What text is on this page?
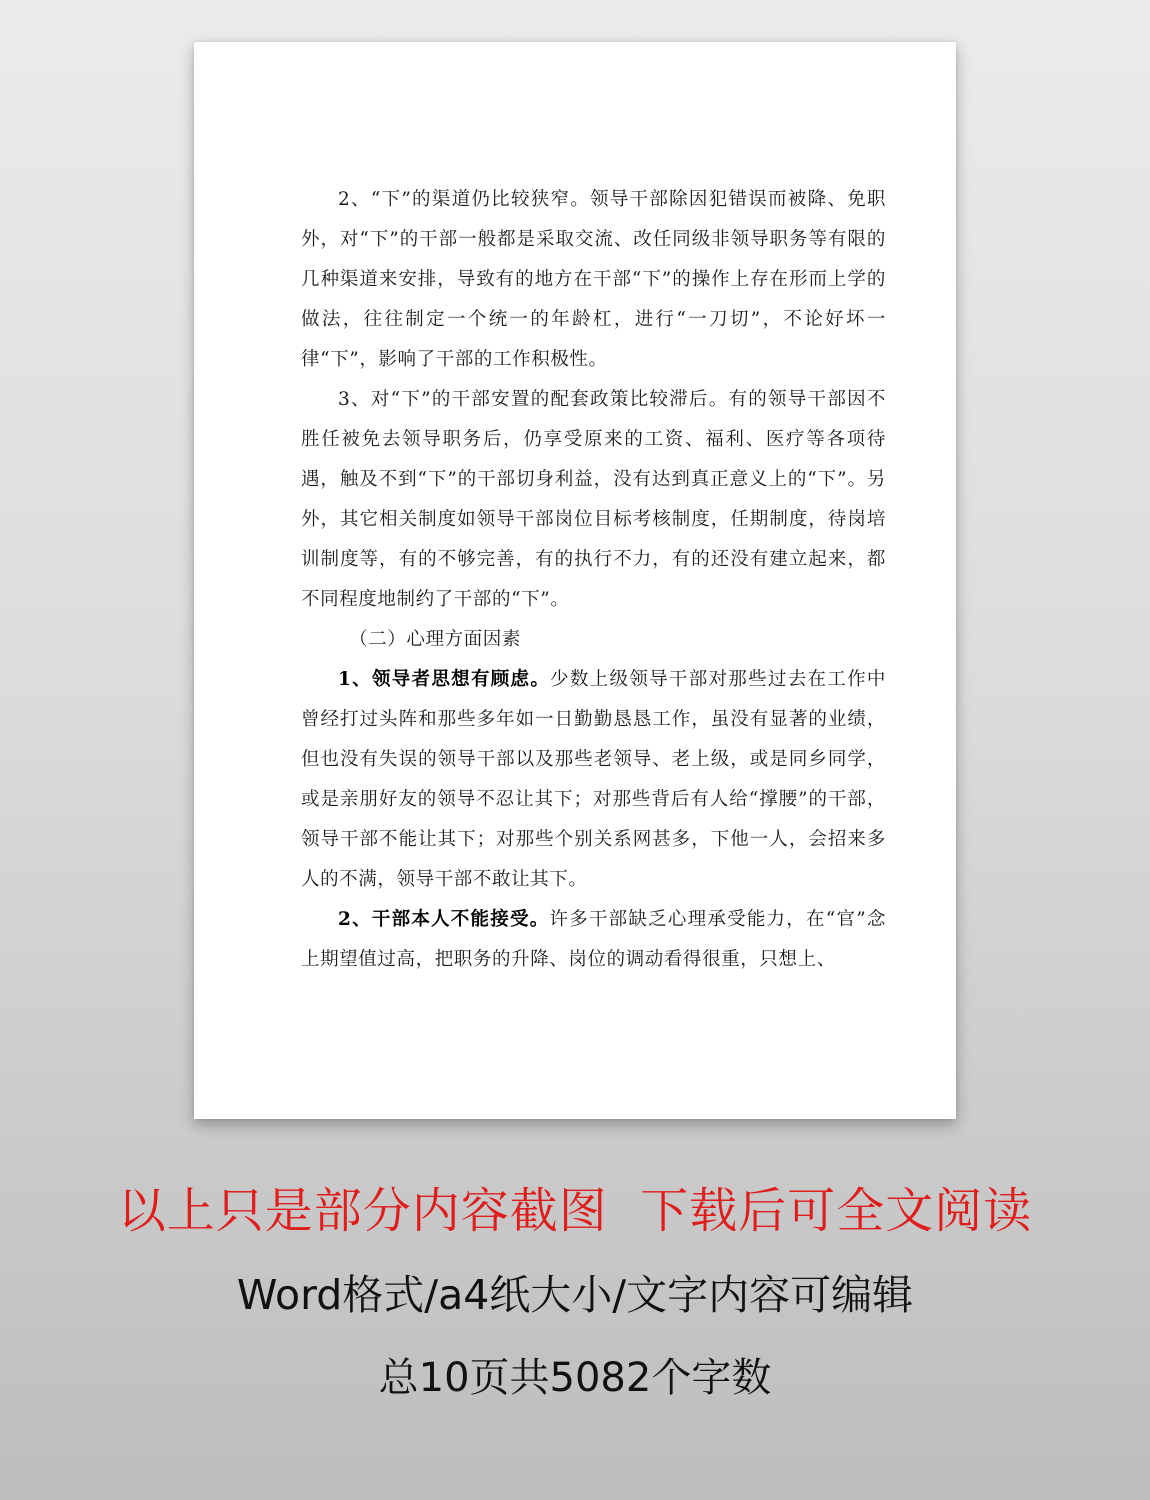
2、“下”的渠道仍比较狭窄。领导干部除因犯错误而被降、免职外，对“下”的干部一般都是采取交流、改任同级非领导职务等有限的几种渠道来安排，导致有的地方在干部“下”的操作上存在形而上学的做法，往往制定一个统一的年龄杠，进行“一刀切”，不论好坏一律“下”，影响了干部的工作积极性。

3、对“下”的干部安置的配套政策比较滞后。有的领导干部因不胜任被免去领导职务后，仍享受原来的工资、福利、医疗等各项待遇，触及不到“下”的干部切身利益，没有达到真正意义上的“下”。另外，其它相关制度如领导干部岗位目标考核制度，任期制度，待岗培训制度等，有的不够完善，有的执行不力，有的还没有建立起来，都不同程度地制约了干部的“下”。

（二）心理方面因素

1、领导者思想有顾虑。少数上级领导干部对那些过去在工作中曾经打过头阵和那些多年如一日勤勤恳恳工作，虽没有显著的业绩，但也没有失误的领导干部以及那些老领导、老上级，或是同乡同学，或是亲朋好友的领导不忍让其下；对那些背后有人给“撑腰”的干部，领导干部不能让其下；对那些个别关系网甚多，下他一人，会招来多人的不满，领导干部不敢让其下。

2、干部本人不能接受。许多干部缺乏心理承受能力，在“官”念上期望值过高，把职务的升降、岗位的调动看得很重，只想上、

以上只是部分内容截图  下载后可全文阅读
Word格式/a4纸大小/文字内容可编辑
总10页共5082个字数
